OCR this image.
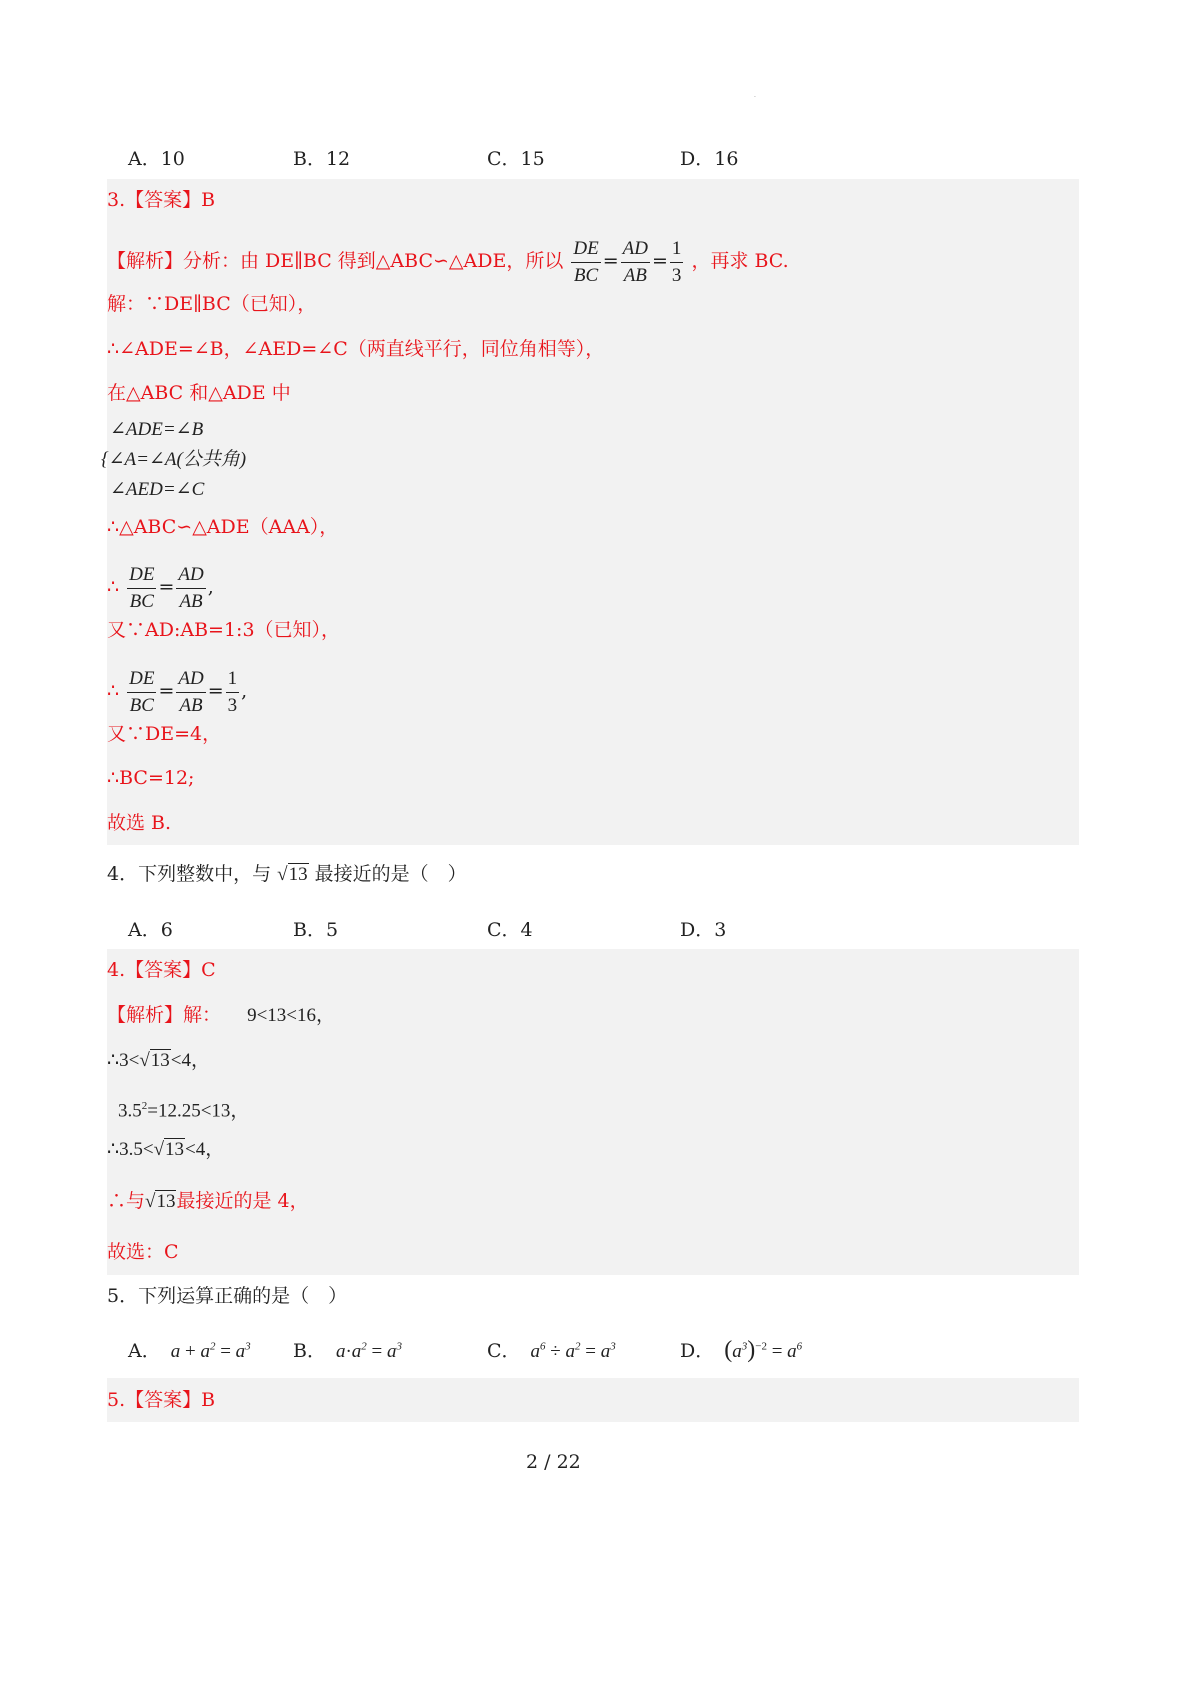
.
A．10	B．12	C．15	D．16
3.【答案】B
【解析】分析：由 DE∥BC 得到△ABC∽△ADE，所以 $\frac{DE}{BC} = \frac{AD}{AB} = \frac{1}{3}$ ，再求 BC.
解：∵DE∥BC（已知），
∴∠ADE=∠B，∠AED=∠C（两直线平行，同位角相等），
在△ABC 和△ADE 中
∠ADE=∠B
{∠A=∠A(公共角)
∠AED=∠C
∴△ABC∽△ADE（AAA），
∴ $\frac{DE}{BC} = \frac{AD}{AB}$ ,
又∵AD:AB=1:3（已知），
∴ $\frac{DE}{BC} = \frac{AD}{AB} = \frac{1}{3}$ ,
又∵DE=4，
∴BC=12;
故选 B.
4．下列整数中，与 √13 最接近的是（　）
A．6	B．5	C．4	D．3
4.【答案】C
【解析】解： 9<13<16，
∴3<√13<4，
$3.5^2=12.25<13$，
∴3.5<√13<4，
∴与√13最接近的是 4，
故选：C
5．下列运算正确的是（　）
A． $a + a^2 = a^3$ B． $a\cdot a^2 = a^3$	C． $a^6 \div a^2 = a^3$	D． $(a^3)^{-2} = a^6$
5.【答案】B
2 / 22
